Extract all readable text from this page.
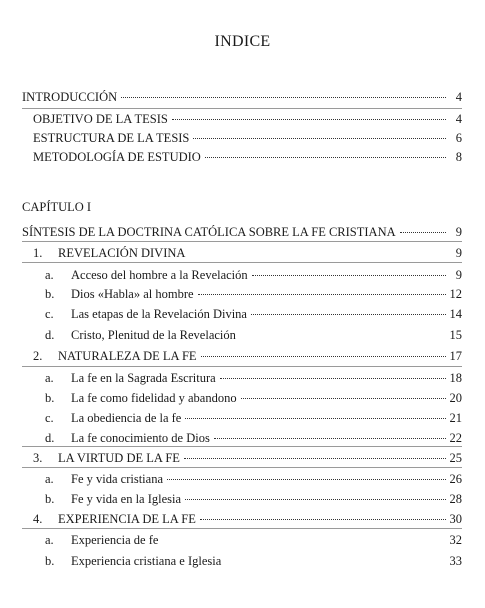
INDICE
INTRODUCCIÓN	4
OBJETIVO DE LA TESIS	4
ESTRUCTURA DE LA TESIS	6
METODOLOGÍA DE ESTUDIO	8
CAPÍTULO I
SÍNTESIS DE LA DOCTRINA CATÓLICA SOBRE LA FE CRISTIANA	9
1.	REVELACIÓN DIVINA	9
a.	Acceso del hombre a la Revelación	9
b.	Dios «Habla» al hombre	12
c.	Las etapas de la Revelación Divina	14
d.	Cristo, Plenitud de la Revelación	15
2.	NATURALEZA DE LA FE	17
a.	La fe en la Sagrada Escritura	18
b.	La fe como fidelidad y abandono	20
c.	La obediencia de la fe	21
d.	La fe conocimiento de Dios	22
3.	LA VIRTUD DE LA FE	25
a.	Fe y vida cristiana	26
b.	Fe y vida en la Iglesia	28
4.	EXPERIENCIA DE LA FE	30
a.	Experiencia de fe	32
b.	Experiencia cristiana e Iglesia	33
